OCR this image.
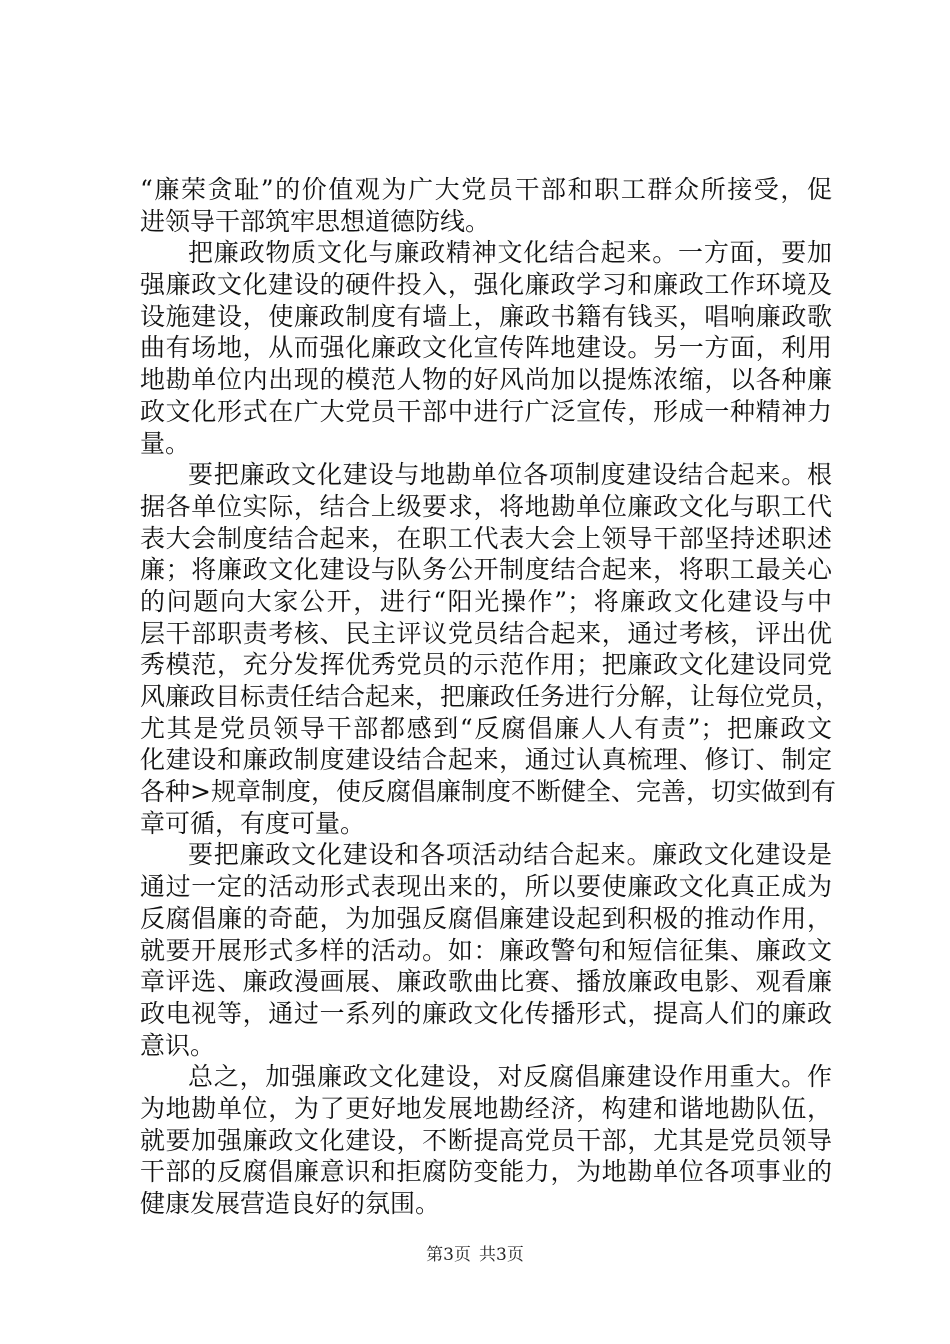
“廉荣贪耻”的价值观为广大党员干部和职工群众所接受，促
进领导干部筑牢思想道德防线。
把廉政物质文化与廉政精神文化结合起来。一方面，要加
强廉政文化建设的硬件投入，强化廉政学习和廉政工作环境及
设施建设，使廉政制度有墙上，廉政书籍有钱买，唱响廉政歌
曲有场地，从而强化廉政文化宣传阵地建设。另一方面，利用
地勘单位内出现的模范人物的好风尚加以提炼浓缩，以各种廉
政文化形式在广大党员干部中进行广泛宣传，形成一种精神力
量。
要把廉政文化建设与地勘单位各项制度建设结合起来。根
据各单位实际，结合上级要求，将地勘单位廉政文化与职工代
表大会制度结合起来，在职工代表大会上领导干部坚持述职述
廉；将廉政文化建设与队务公开制度结合起来，将职工最关心
的问题向大家公开，进行“阳光操作”；将廉政文化建设与中
层干部职责考核、民主评议党员结合起来，通过考核，评出优
秀模范，充分发挥优秀党员的示范作用；把廉政文化建设同党
风廉政目标责任结合起来，把廉政任务进行分解，让每位党员，
尤其是党员领导干部都感到“反腐倡廉人人有责”；把廉政文
化建设和廉政制度建设结合起来，通过认真梳理、修订、制定
各种>规章制度，使反腐倡廉制度不断健全、完善，切实做到有
章可循，有度可量。
要把廉政文化建设和各项活动结合起来。廉政文化建设是
通过一定的活动形式表现出来的，所以要使廉政文化真正成为
反腐倡廉的奇葩，为加强反腐倡廉建设起到积极的推动作用，
就要开展形式多样的活动。如：廉政警句和短信征集、廉政文
章评选、廉政漫画展、廉政歌曲比赛、播放廉政电影、观看廉
政电视等，通过一系列的廉政文化传播形式，提高人们的廉政
意识。
总之，加强廉政文化建设，对反腐倡廉建设作用重大。作
为地勘单位，为了更好地发展地勘经济，构建和谐地勘队伍，
就要加强廉政文化建设，不断提高党员干部，尤其是党员领导
干部的反腐倡廉意识和拒腐防变能力，为地勘单位各项事业的
健康发展营造良好的氛围。
第3页 共3页
